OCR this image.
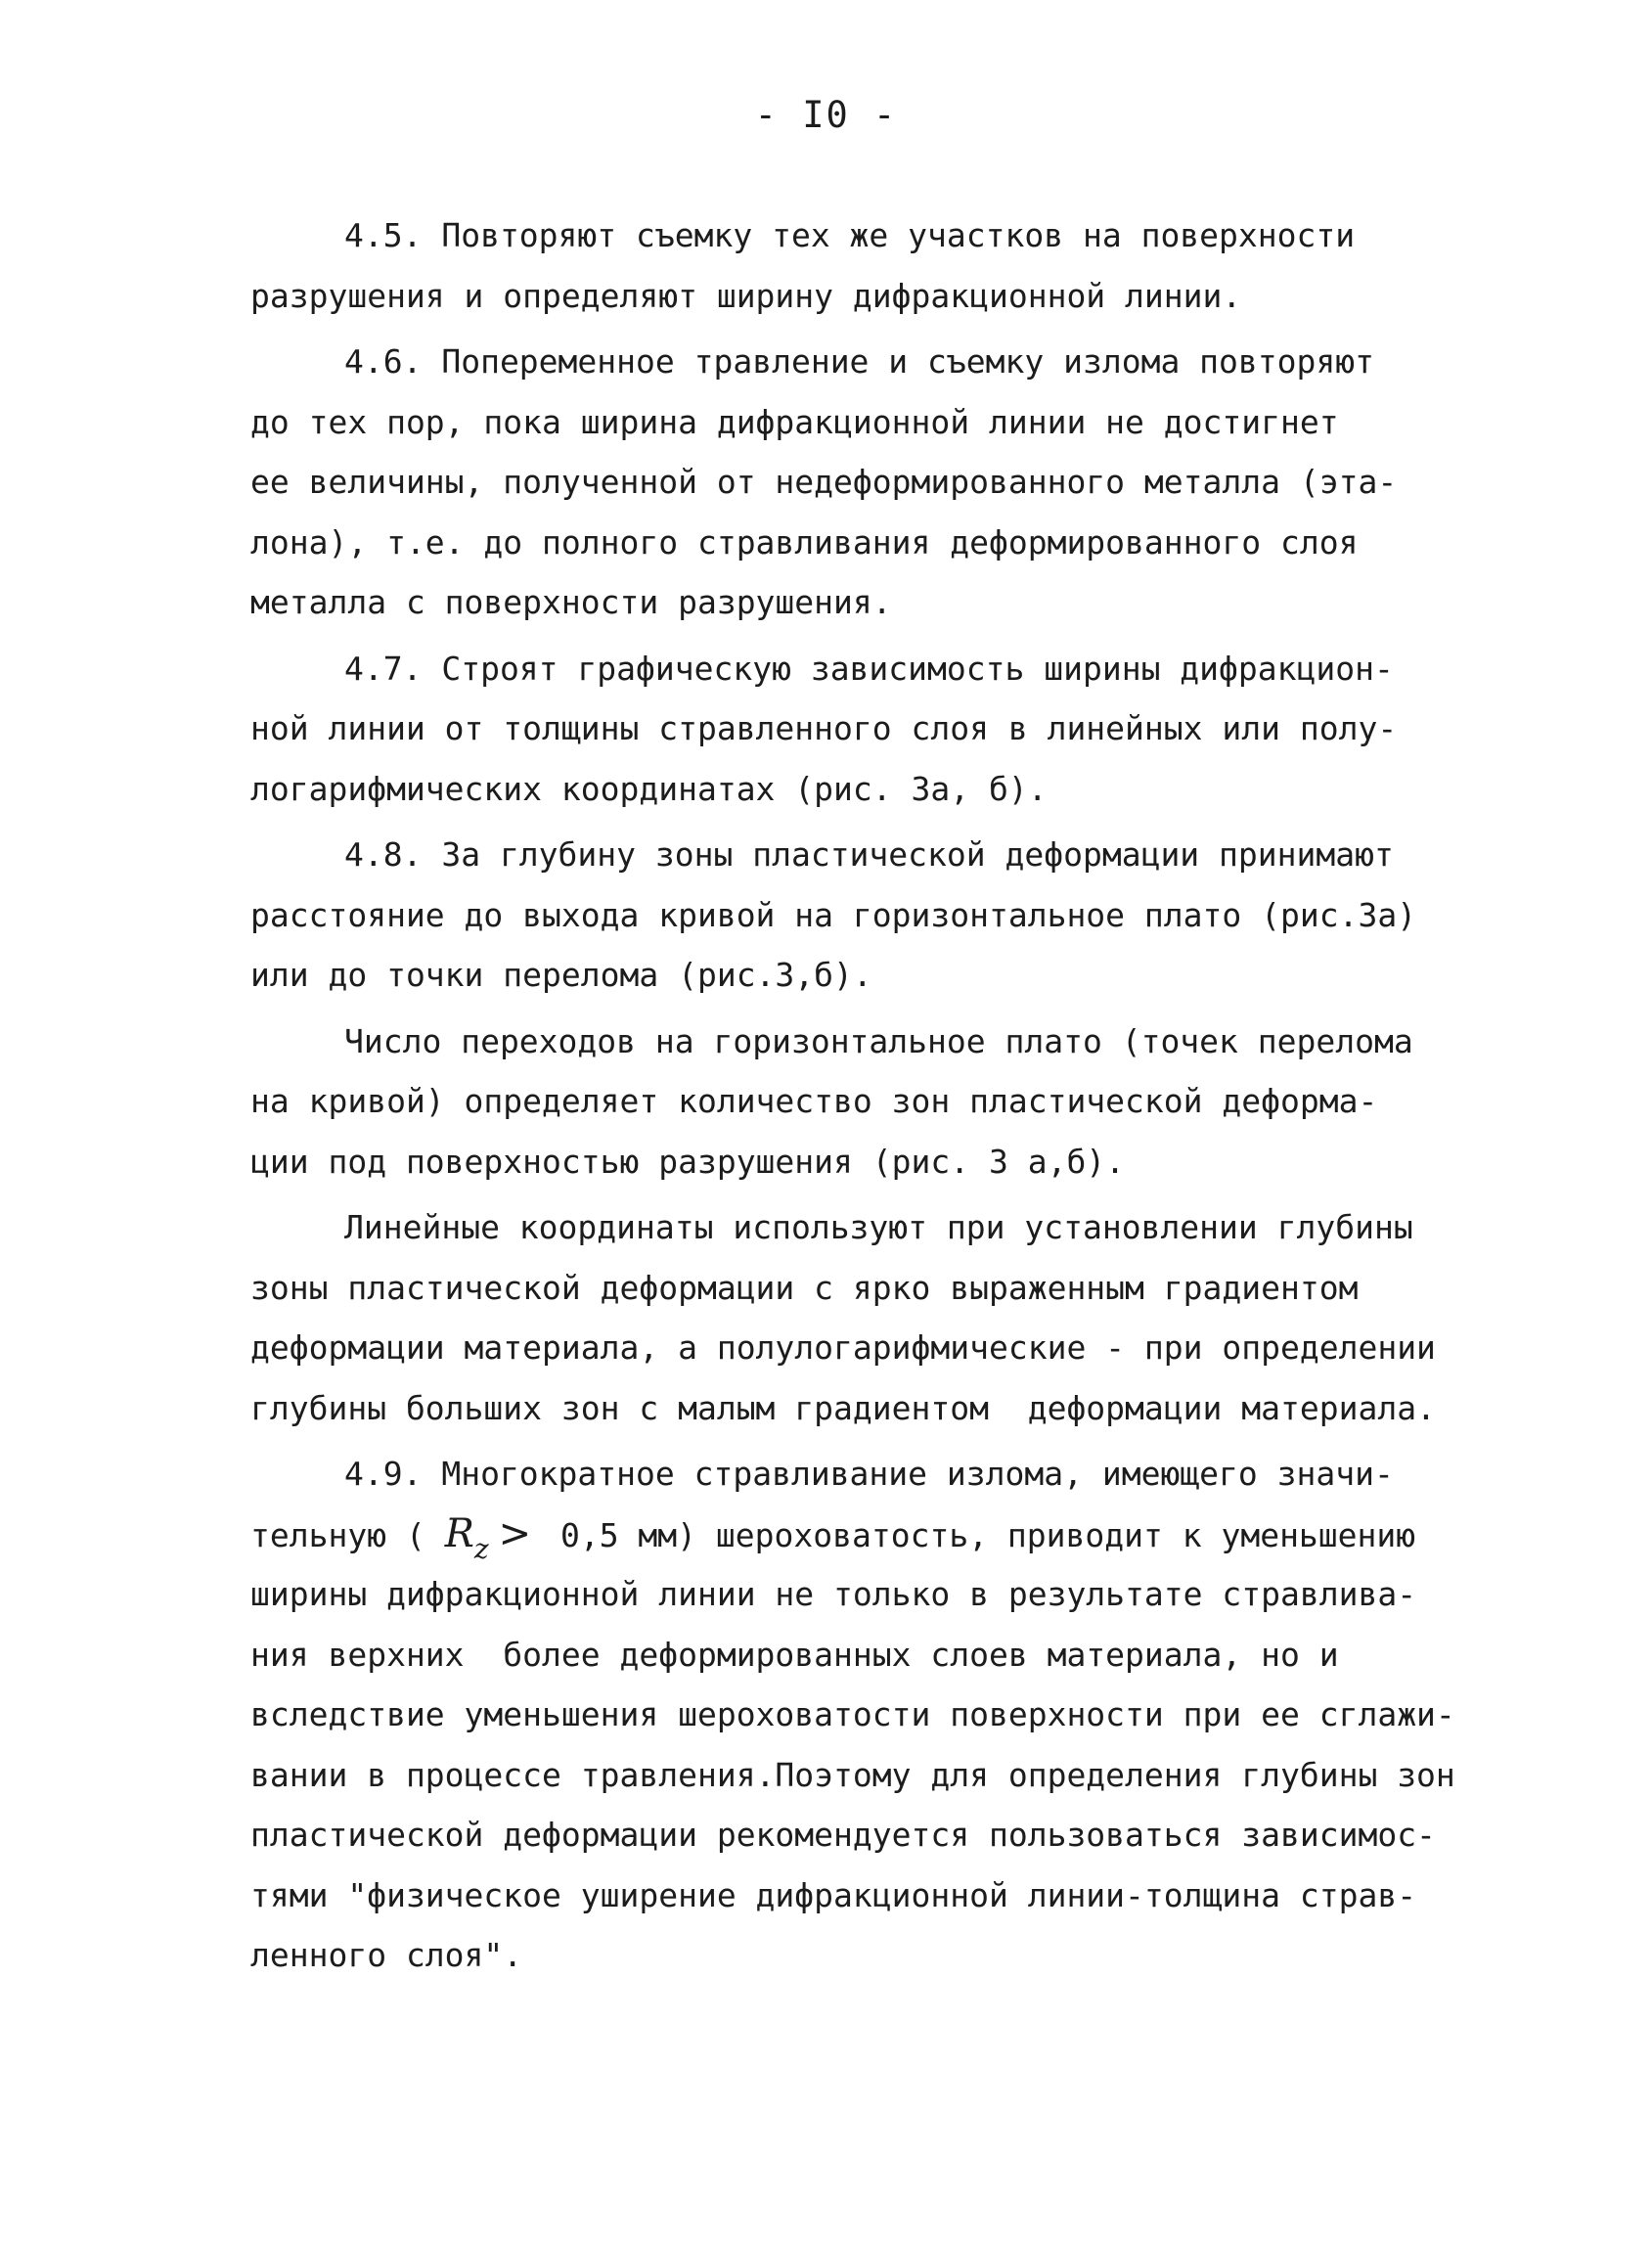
- I0 -
4.5. Повторяют съемку тех же участков на поверхности
разрушения и определяют ширину дифракционной линии.
4.6. Попеременное травление и съемку излома повторяют
до тех пор, пока ширина дифракционной линии не достигнет
ее величины, полученной от недеформированного металла (эта-
лона), т.е. до полного стравливания деформированного слоя
металла с поверхности разрушения.
4.7. Строят графическую зависимость ширины дифракцион-
ной линии от толщины стравленного слоя в линейных или полу-
логарифмических координатах (рис. 3а, б).
4.8. За глубину зоны пластической деформации принимают
расстояние до выхода кривой на горизонтальное плато (рис.3а)
или до точки перелома (рис.3,б).
Число переходов на горизонтальное плато (точек перелома
на кривой) определяет количество зон пластической деформа-
ции под поверхностью разрушения (рис. 3 а,б).
Линейные координаты используют при установлении глубины
зоны пластической деформации с ярко выраженным градиентом
деформации материала, а полулогарифмические - при определении
глубины больших зон с малым градиентом  деформации материала.
4.9. Многократное стравливание излома, имеющего значи-
тельную ( R z > 0,5 мм) шероховатость, приводит к уменьшению
ширины дифракционной линии не только в результате стравлива-
ния верхних  более деформированных слоев материала, но и
вследствие уменьшения шероховатости поверхности при ее сглажи-
вании в процессе травления.Поэтому для определения глубины зон
пластической деформации рекомендуется пользоваться зависимос-
тями "физическое уширение дифракционной линии-толщина страв-
ленного слоя".
